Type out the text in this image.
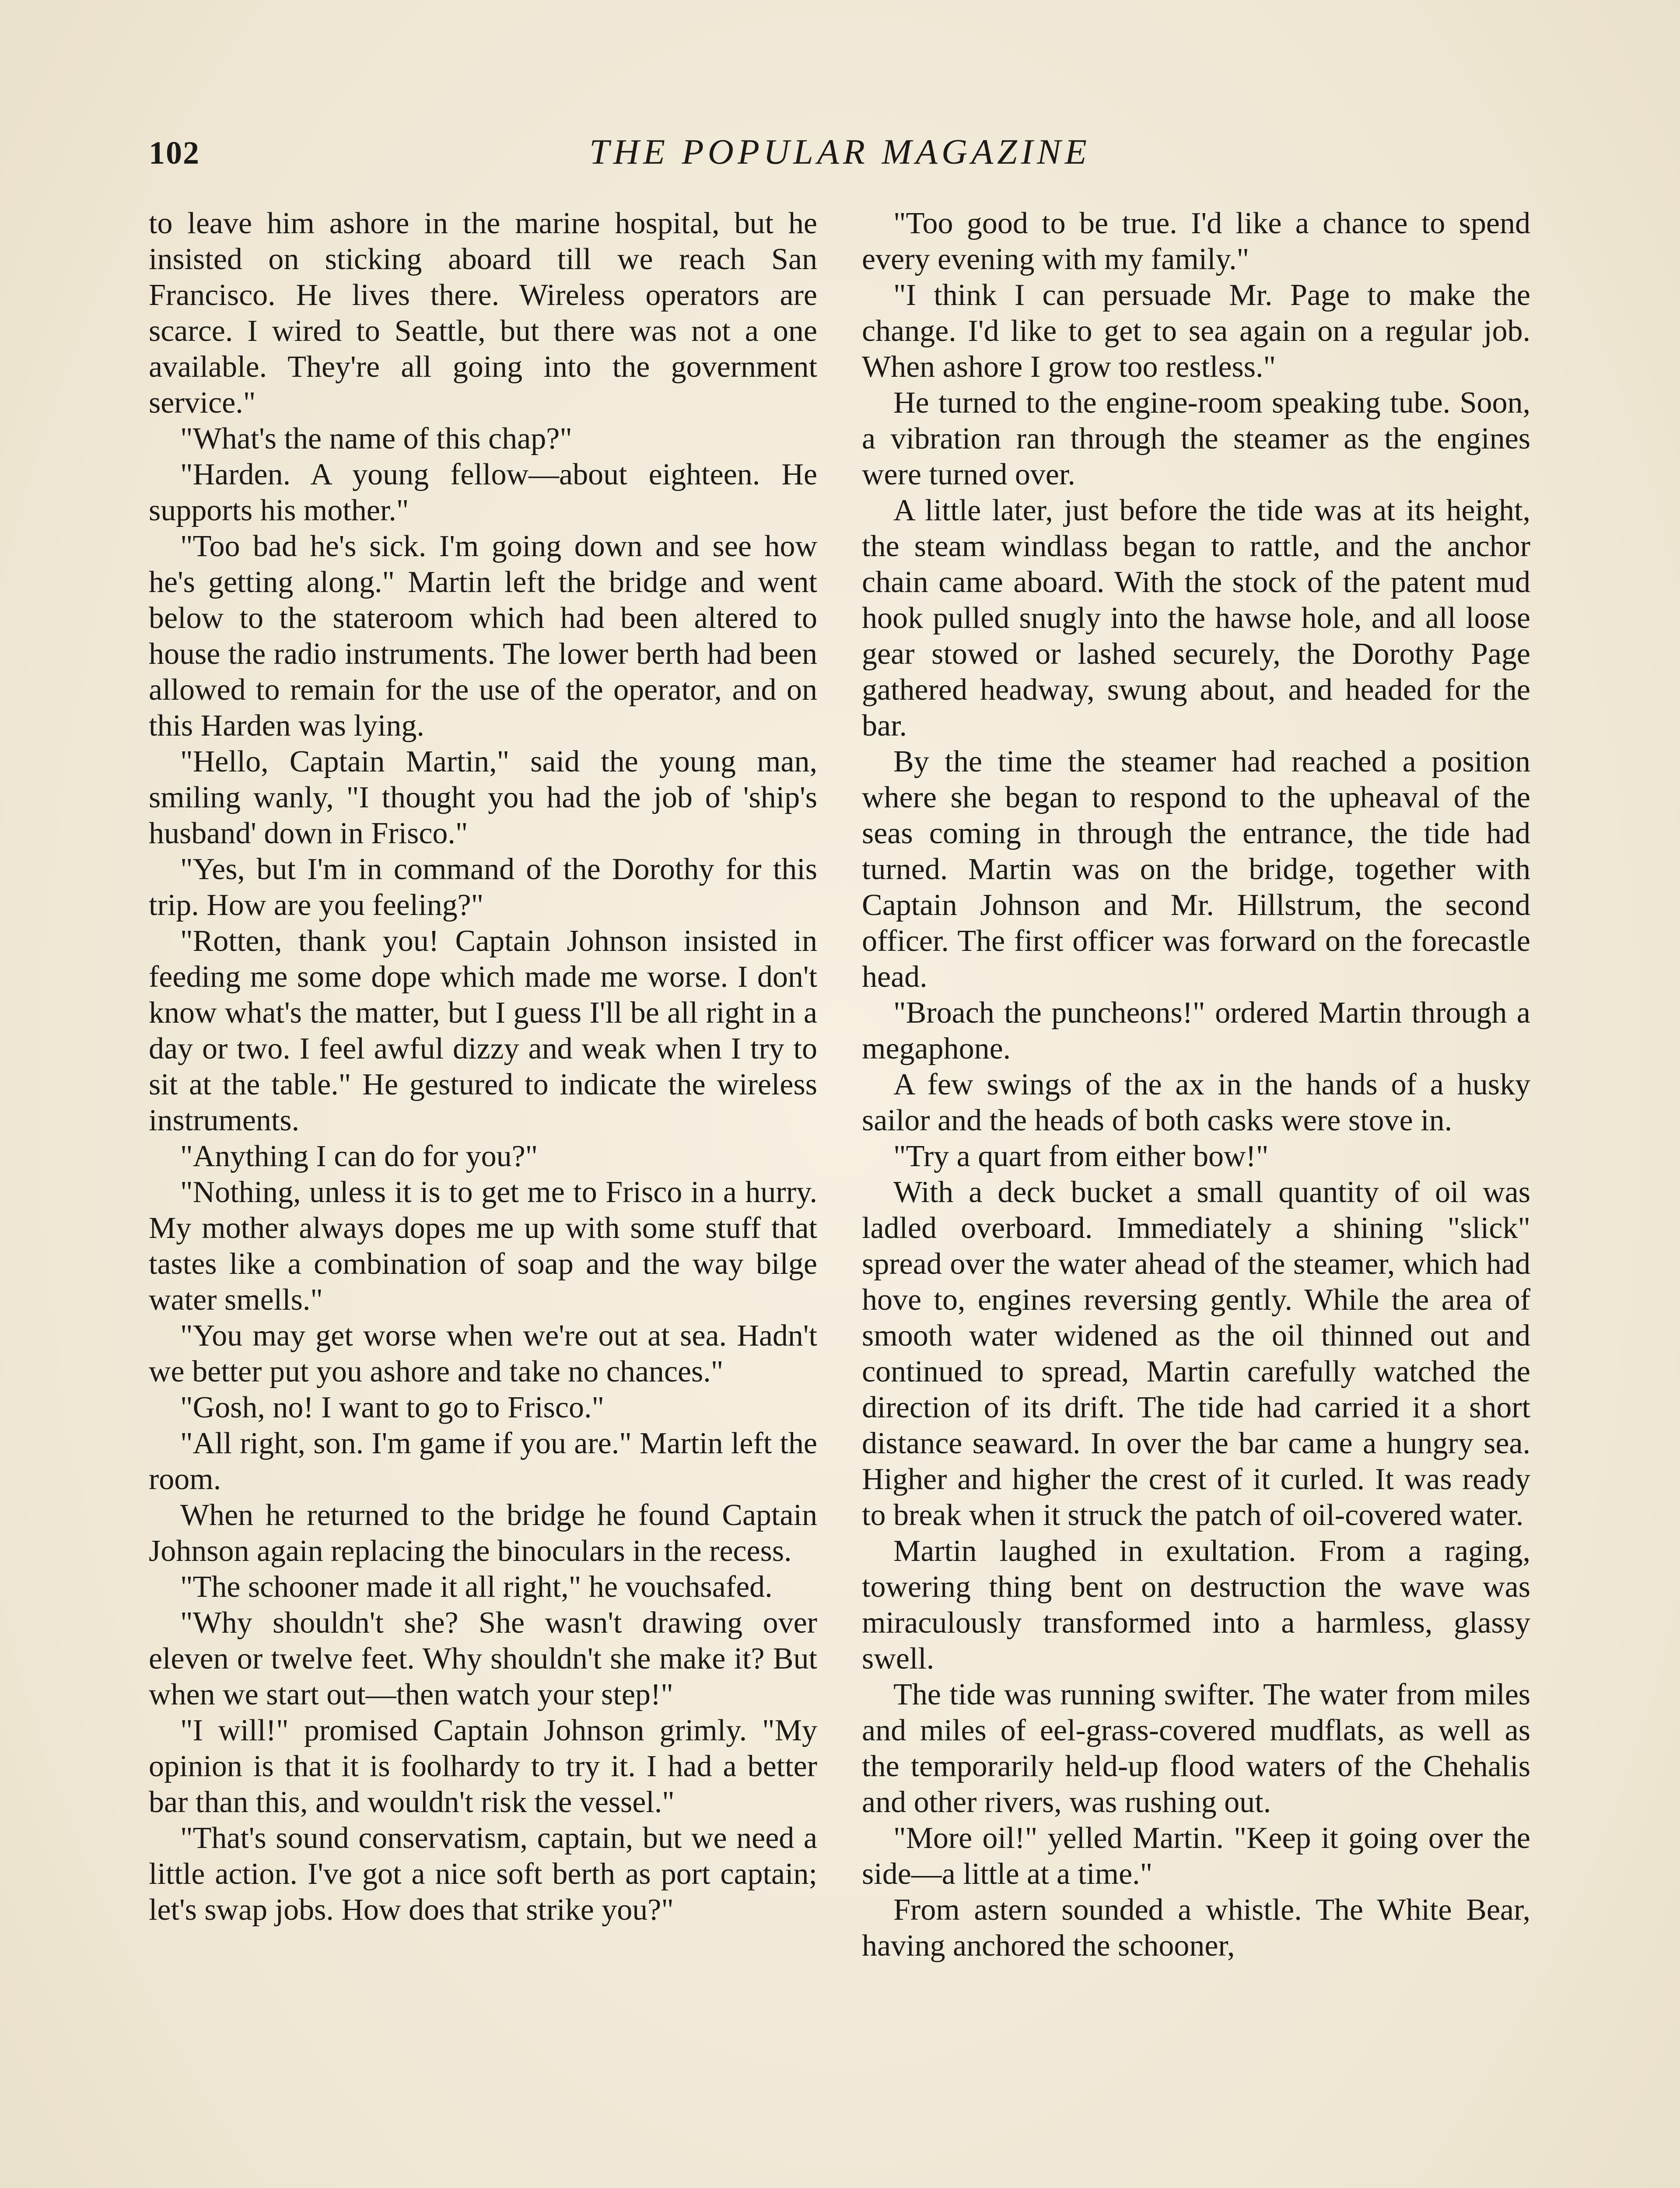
102	THE POPULAR MAGAZINE

to leave him ashore in the marine hospital, but he insisted on sticking aboard till we reach San Francisco. He lives there. Wireless operators are scarce. I wired to Seattle, but there was not a one available. They're all going into the government service."

"What's the name of this chap?"

"Harden. A young fellow—about eighteen. He supports his mother."

"Too bad he's sick. I'm going down and see how he's getting along." Martin left the bridge and went below to the stateroom which had been altered to house the radio instruments. The lower berth had been allowed to remain for the use of the operator, and on this Harden was lying.

"Hello, Captain Martin," said the young man, smiling wanly, "I thought you had the job of 'ship's husband' down in Frisco."

"Yes, but I'm in command of the Dorothy for this trip. How are you feeling?"

"Rotten, thank you! Captain Johnson insisted in feeding me some dope which made me worse. I don't know what's the matter, but I guess I'll be all right in a day or two. I feel awful dizzy and weak when I try to sit at the table." He gestured to indicate the wireless instruments.

"Anything I can do for you?"

"Nothing, unless it is to get me to Frisco in a hurry. My mother always dopes me up with some stuff that tastes like a combination of soap and the way bilge water smells."

"You may get worse when we're out at sea. Hadn't we better put you ashore and take no chances."

"Gosh, no! I want to go to Frisco."

"All right, son. I'm game if you are." Martin left the room.

When he returned to the bridge he found Captain Johnson again replacing the binoculars in the recess.

"The schooner made it all right," he vouchsafed.

"Why shouldn't she? She wasn't drawing over eleven or twelve feet. Why shouldn't she make it? But when we start out—then watch your step!"

"I will!" promised Captain Johnson grimly. "My opinion is that it is foolhardy to try it. I had a better bar than this, and wouldn't risk the vessel."

"That's sound conservatism, captain, but we need a little action. I've got a nice soft berth as port captain; let's swap jobs. How does that strike you?"

"Too good to be true. I'd like a chance to spend every evening with my family."

"I think I can persuade Mr. Page to make the change. I'd like to get to sea again on a regular job. When ashore I grow too restless."

He turned to the engine-room speaking tube. Soon, a vibration ran through the steamer as the engines were turned over.

A little later, just before the tide was at its height, the steam windlass began to rattle, and the anchor chain came aboard. With the stock of the patent mud hook pulled snugly into the hawse hole, and all loose gear stowed or lashed securely, the Dorothy Page gathered headway, swung about, and headed for the bar.

By the time the steamer had reached a position where she began to respond to the upheaval of the seas coming in through the entrance, the tide had turned. Martin was on the bridge, together with Captain Johnson and Mr. Hillstrum, the second officer. The first officer was forward on the forecastle head.

"Broach the puncheons!" ordered Martin through a megaphone.

A few swings of the ax in the hands of a husky sailor and the heads of both casks were stove in.

"Try a quart from either bow!"

With a deck bucket a small quantity of oil was ladled overboard. Immediately a shining "slick" spread over the water ahead of the steamer, which had hove to, engines reversing gently. While the area of smooth water widened as the oil thinned out and continued to spread, Martin carefully watched the direction of its drift. The tide had carried it a short distance seaward. In over the bar came a hungry sea. Higher and higher the crest of it curled. It was ready to break when it struck the patch of oil-covered water.

Martin laughed in exultation. From a raging, towering thing bent on destruction the wave was miraculously transformed into a harmless, glassy swell.

The tide was running swifter. The water from miles and miles of eel-grass-covered mudflats, as well as the temporarily held-up flood waters of the Chehalis and other rivers, was rushing out.

"More oil!" yelled Martin. "Keep it going over the side—a little at a time."

From astern sounded a whistle. The White Bear, having anchored the schooner,
